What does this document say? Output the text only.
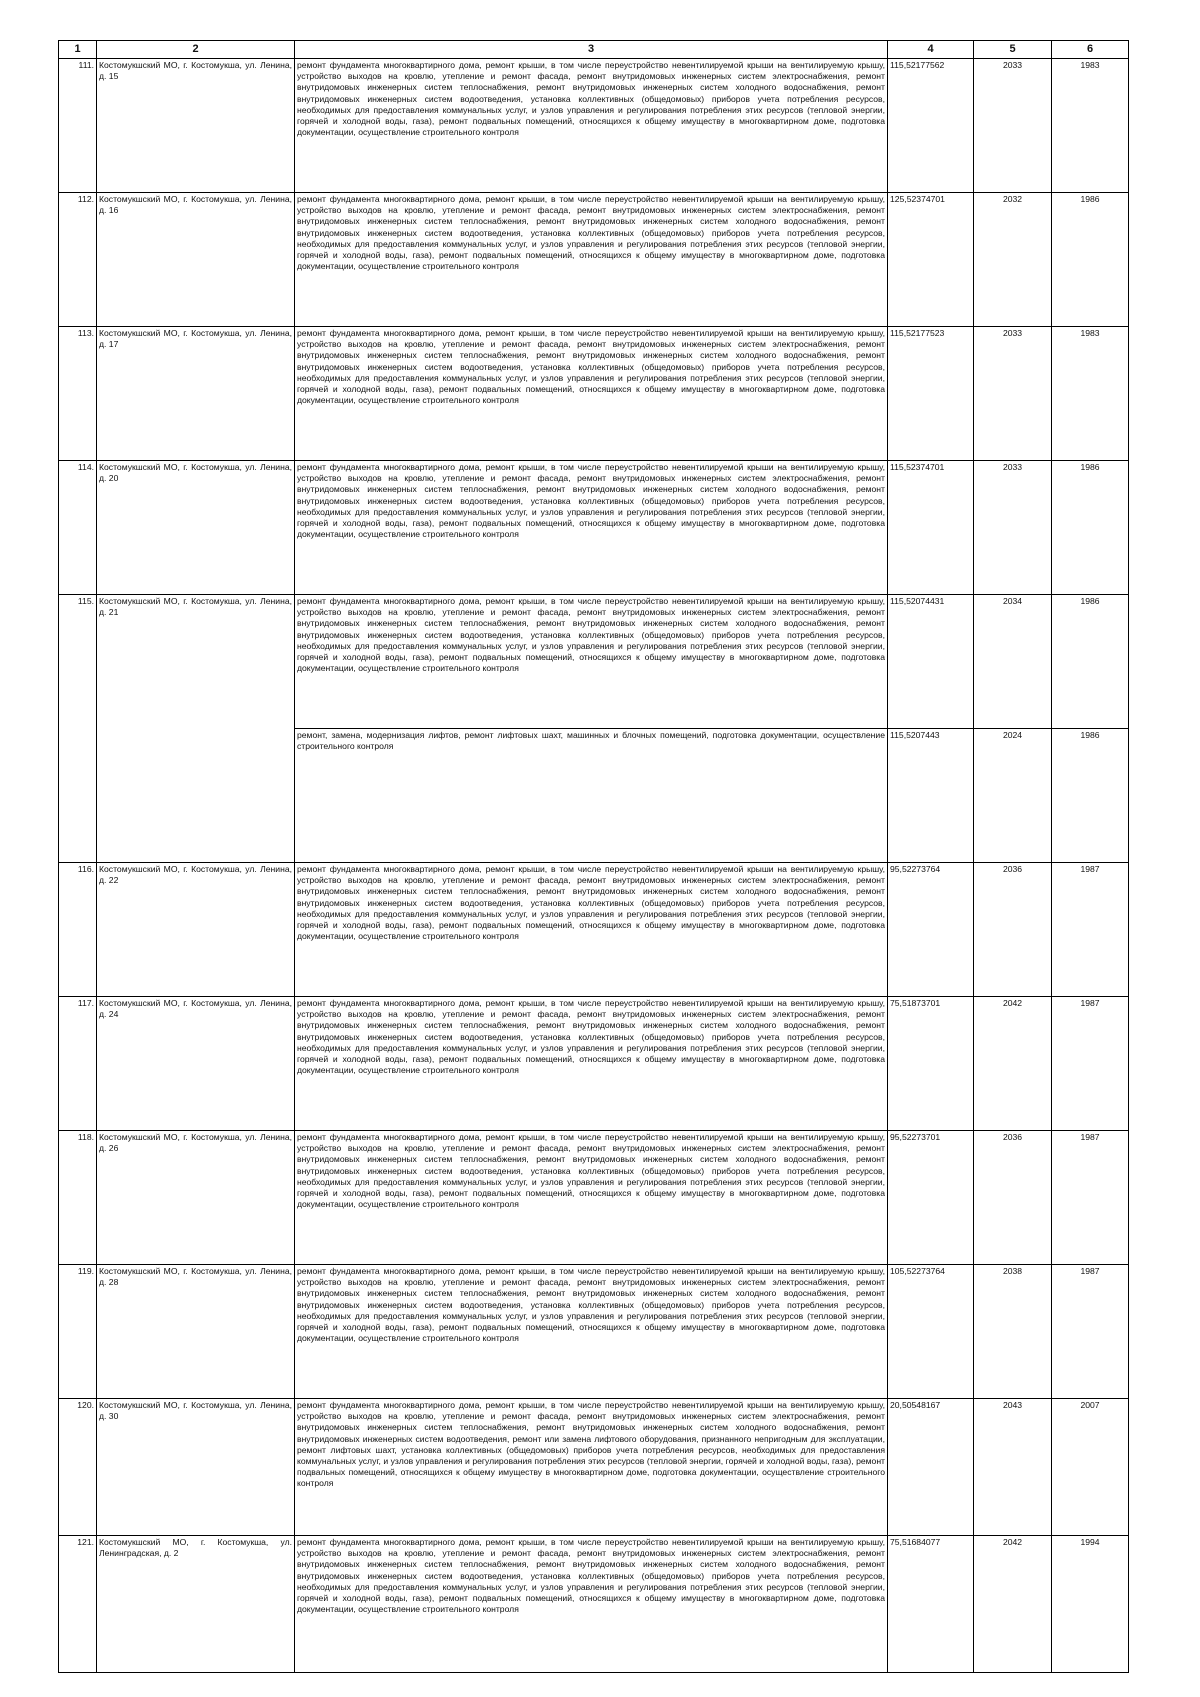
1	2	3	4	5	6
111.	Костомукшский МО, г. Костомукша, ул. Ленина, д. 15	ремонт фундамента многоквартирного дома, ремонт крыши, в том числе переустройство невентилируемой крыши на вентилируемую крышу, устройство выходов на кровлю, утепление и ремонт фасада, ремонт внутридомовых инженерных систем электроснабжения, ремонт внутридомовых инженерных систем теплоснабжения, ремонт внутридомовых инженерных систем холодного водоснабжения, ремонт внутридомовых инженерных систем водоотведения, установка коллективных (общедомовых) приборов учета потребления ресурсов, необходимых для предоставления коммунальных услуг, и узлов управления и регулирования потребления этих ресурсов (тепловой энергии, горячей и холодной воды, газа), ремонт подвальных помещений, относящихся к общему имуществу в многоквартирном доме, подготовка документации, осуществление строительного контроля	115,52177562	2033	1983
112.	Костомукшский МО, г. Костомукша, ул. Ленина, д. 16	ремонт фундамента многоквартирного дома, ремонт крыши, в том числе переустройство невентилируемой крыши на вентилируемую крышу, устройство выходов на кровлю, утепление и ремонт фасада, ремонт внутридомовых инженерных систем электроснабжения, ремонт внутридомовых инженерных систем теплоснабжения, ремонт внутридомовых инженерных систем холодного водоснабжения, ремонт внутридомовых инженерных систем водоотведения, установка коллективных (общедомовых) приборов учета потребления ресурсов, необходимых для предоставления коммунальных услуг, и узлов управления и регулирования потребления этих ресурсов (тепловой энергии, горячей и холодной воды, газа), ремонт подвальных помещений, относящихся к общему имуществу в многоквартирном доме, подготовка документации, осуществление строительного контроля	125,52374701	2032	1986
113.	Костомукшский МО, г. Костомукша, ул. Ленина, д. 17	ремонт фундамента многоквартирного дома, ремонт крыши, в том числе переустройство невентилируемой крыши на вентилируемую крышу, устройство выходов на кровлю, утепление и ремонт фасада, ремонт внутридомовых инженерных систем электроснабжения, ремонт внутридомовых инженерных систем теплоснабжения, ремонт внутридомовых инженерных систем холодного водоснабжения, ремонт внутридомовых инженерных систем водоотведения, установка коллективных (общедомовых) приборов учета потребления ресурсов, необходимых для предоставления коммунальных услуг, и узлов управления и регулирования потребления этих ресурсов (тепловой энергии, горячей и холодной воды, газа), ремонт подвальных помещений, относящихся к общему имуществу в многоквартирном доме, подготовка документации, осуществление строительного контроля	115,52177523	2033	1983
114.	Костомукшский МО, г. Костомукша, ул. Ленина, д. 20	ремонт фундамента многоквартирного дома, ремонт крыши, в том числе переустройство невентилируемой крыши на вентилируемую крышу, устройство выходов на кровлю, утепление и ремонт фасада, ремонт внутридомовых инженерных систем электроснабжения, ремонт внутридомовых инженерных систем теплоснабжения, ремонт внутридомовых инженерных систем холодного водоснабжения, ремонт внутридомовых инженерных систем водоотведения, установка коллективных (общедомовых) приборов учета потребления ресурсов, необходимых для предоставления коммунальных услуг, и узлов управления и регулирования потребления этих ресурсов (тепловой энергии, горячей и холодной воды, газа), ремонт подвальных помещений, относящихся к общему имуществу в многоквартирном доме, подготовка документации, осуществление строительного контроля	115,52374701	2033	1986
115.	Костомукшский МО, г. Костомукша, ул. Ленина, д. 21	ремонт фундамента многоквартирного дома, ремонт крыши, в том числе переустройство невентилируемой крыши на вентилируемую крышу, устройство выходов на кровлю, утепление и ремонт фасада, ремонт внутридомовых инженерных систем электроснабжения, ремонт внутридомовых инженерных систем теплоснабжения, ремонт внутридомовых инженерных систем холодного водоснабжения, ремонт внутридомовых инженерных систем водоотведения, установка коллективных (общедомовых) приборов учета потребления ресурсов, необходимых для предоставления коммунальных услуг, и узлов управления и регулирования потребления этих ресурсов (тепловой энергии, горячей и холодной воды, газа), ремонт подвальных помещений, относящихся к общему имуществу в многоквартирном доме, подготовка документации, осуществление строительного контроля	115,52074431	2034	1986
		ремонт, замена, модернизация лифтов, ремонт лифтовых шахт, машинных и блочных помещений, подготовка документации, осуществление строительного контроля	115,5207443	2024	1986
116.	Костомукшский МО, г. Костомукша, ул. Ленина, д. 22	ремонт фундамента многоквартирного дома, ремонт крыши, в том числе переустройство невентилируемой крыши на вентилируемую крышу, устройство выходов на кровлю, утепление и ремонт фасада, ремонт внутридомовых инженерных систем электроснабжения, ремонт внутридомовых инженерных систем теплоснабжения, ремонт внутридомовых инженерных систем холодного водоснабжения, ремонт внутридомовых инженерных систем водоотведения, установка коллективных (общедомовых) приборов учета потребления ресурсов, необходимых для предоставления коммунальных услуг, и узлов управления и регулирования потребления этих ресурсов (тепловой энергии, горячей и холодной воды, газа), ремонт подвальных помещений, относящихся к общему имуществу в многоквартирном доме, подготовка документации, осуществление строительного контроля	95,52273764	2036	1987
117.	Костомукшский МО, г. Костомукша, ул. Ленина, д. 24	ремонт фундамента многоквартирного дома, ремонт крыши, в том числе переустройство невентилируемой крыши на вентилируемую крышу, устройство выходов на кровлю, утепление и ремонт фасада, ремонт внутридомовых инженерных систем электроснабжения, ремонт внутридомовых инженерных систем теплоснабжения, ремонт внутридомовых инженерных систем холодного водоснабжения, ремонт внутридомовых инженерных систем водоотведения, установка коллективных (общедомовых) приборов учета потребления ресурсов, необходимых для предоставления коммунальных услуг, и узлов управления и регулирования потребления этих ресурсов (тепловой энергии, горячей и холодной воды, газа), ремонт подвальных помещений, относящихся к общему имуществу в многоквартирном доме, подготовка документации, осуществление строительного контроля	75,51873701	2042	1987
118.	Костомукшский МО, г. Костомукша, ул. Ленина, д. 26	ремонт фундамента многоквартирного дома, ремонт крыши, в том числе переустройство невентилируемой крыши на вентилируемую крышу, устройство выходов на кровлю, утепление и ремонт фасада, ремонт внутридомовых инженерных систем электроснабжения, ремонт внутридомовых инженерных систем теплоснабжения, ремонт внутридомовых инженерных систем холодного водоснабжения, ремонт внутридомовых инженерных систем водоотведения, установка коллективных (общедомовых) приборов учета потребления ресурсов, необходимых для предоставления коммунальных услуг, и узлов управления и регулирования потребления этих ресурсов (тепловой энергии, горячей и холодной воды, газа), ремонт подвальных помещений, относящихся к общему имуществу в многоквартирном доме, подготовка документации, осуществление строительного контроля	95,52273701	2036	1987
119.	Костомукшский МО, г. Костомукша, ул. Ленина, д. 28	ремонт фундамента многоквартирного дома, ремонт крыши, в том числе переустройство невентилируемой крыши на вентилируемую крышу, устройство выходов на кровлю, утепление и ремонт фасада, ремонт внутридомовых инженерных систем электроснабжения, ремонт внутридомовых инженерных систем теплоснабжения, ремонт внутридомовых инженерных систем холодного водоснабжения, ремонт внутридомовых инженерных систем водоотведения, установка коллективных (общедомовых) приборов учета потребления ресурсов, необходимых для предоставления коммунальных услуг, и узлов управления и регулирования потребления этих ресурсов (тепловой энергии, горячей и холодной воды, газа), ремонт подвальных помещений, относящихся к общему имуществу в многоквартирном доме, подготовка документации, осуществление строительного контроля	105,52273764	2038	1987
120.	Костомукшский МО, г. Костомукша, ул. Ленина, д. 30	ремонт фундамента многоквартирного дома, ремонт крыши, в том числе переустройство невентилируемой крыши на вентилируемую крышу, устройство выходов на кровлю, утепление и ремонт фасада, ремонт внутридомовых инженерных систем электроснабжения, ремонт внутридомовых инженерных систем теплоснабжения, ремонт внутридомовых инженерных систем холодного водоснабжения, ремонт внутридомовых инженерных систем водоотведения, ремонт или замена лифтового оборудования, признанного непригодным для эксплуатации, ремонт лифтовых шахт, установка коллективных (общедомовых) приборов учета потребления ресурсов, необходимых для предоставления коммунальных услуг, и узлов управления и регулирования потребления этих ресурсов (тепловой энергии, горячей и холодной воды, газа), ремонт подвальных помещений, относящихся к общему имуществу в многоквартирном доме, подготовка документации, осуществление строительного контроля	20,50548167	2043	2007
121.	Костомукшский МО, г. Костомукша, ул. Ленинградская, д. 2	ремонт фундамента многоквартирного дома, ремонт крыши, в том числе переустройство невентилируемой крыши на вентилируемую крышу, устройство выходов на кровлю, утепление и ремонт фасада, ремонт внутридомовых инженерных систем электроснабжения, ремонт внутридомовых инженерных систем теплоснабжения, ремонт внутридомовых инженерных систем холодного водоснабжения, ремонт внутридомовых инженерных систем водоотведения, установка коллективных (общедомовых) приборов учета потребления ресурсов, необходимых для предоставления коммунальных услуг, и узлов управления и регулирования потребления этих ресурсов (тепловой энергии, горячей и холодной воды, газа), ремонт подвальных помещений, относящихся к общему имуществу в многоквартирном доме, подготовка документации, осуществление строительного контроля	75,51684077	2042	1994
